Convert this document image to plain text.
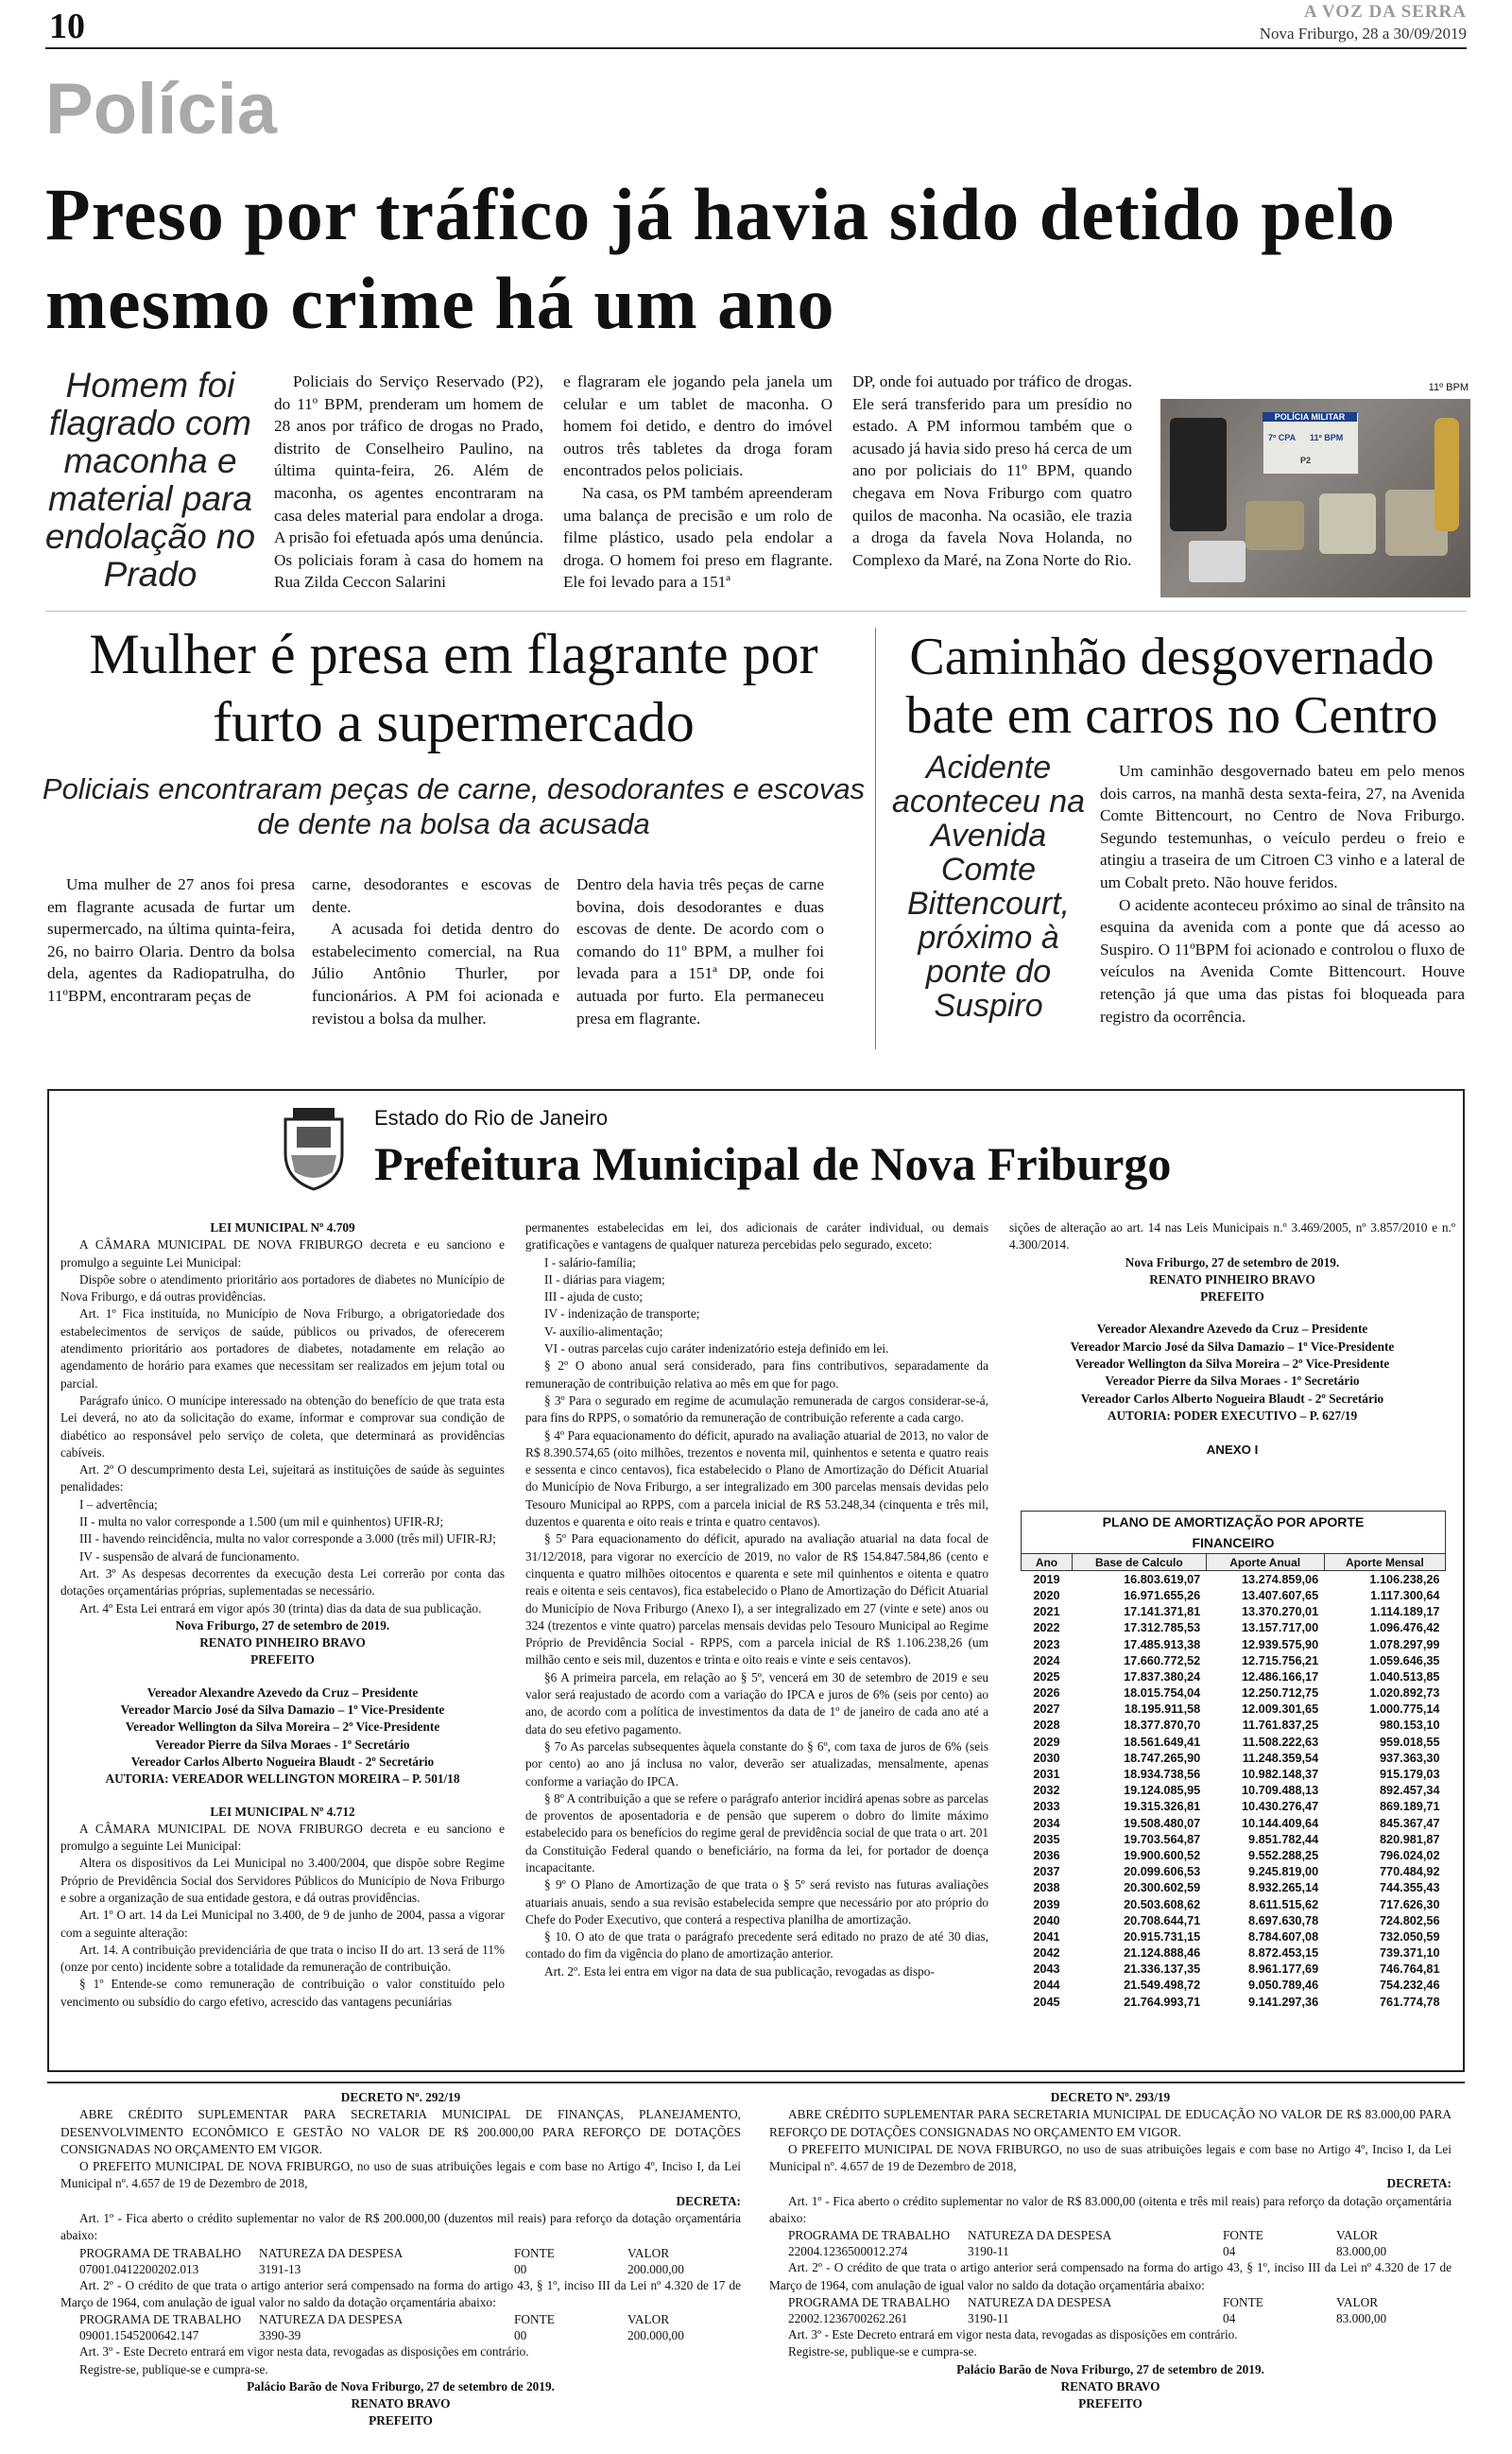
10	A VOZ DA SERRA
Nova Friburgo, 28 a 30/09/2019
Polícia
Preso por tráfico já havia sido detido pelo mesmo crime há um ano
Homem foi flagrado com maconha e material para endolação no Prado

Policiais do Serviço Reservado (P2), do 11º BPM, prenderam um homem de 28 anos por tráfico de drogas no Prado, distrito de Conselheiro Paulino, na última quinta-feira, 26. Além de maconha, os agentes encontraram na casa deles material para endolar a droga. A prisão foi efetuada após uma denúncia. Os policiais foram à casa do homem na Rua Zilda Ceccon Salarini

e flagraram ele jogando pela janela um celular e um tablet de maconha. O homem foi detido, e dentro do imóvel outros três tabletes da droga foram encontrados pelos policiais.

Na casa, os PM também apreenderam uma balança de precisão e um rolo de filme plástico, usado pela endolar a droga. O homem foi preso em flagrante. Ele foi levado para a 151ª

DP, onde foi autuado por tráfico de drogas. Ele será transferido para um presídio no estado. A PM informou também que o acusado já havia sido preso há cerca de um ano por policiais do 11º BPM, quando chegava em Nova Friburgo com quatro quilos de maconha. Na ocasião, ele trazia a droga da favela Nova Holanda, no Complexo da Maré, na Zona Norte do Rio.

11º BPM
POLÍCIA MILITAR
7º CPA 11º BPM
P2
Mulher é presa em flagrante por furto a supermercado
Policiais encontraram peças de carne, desodorantes e escovas de dente na bolsa da acusada

Uma mulher de 27 anos foi presa em flagrante acusada de furtar um supermercado, na última quinta-feira, 26, no bairro Olaria. Dentro da bolsa dela, agentes da Radiopatrulha, do 11ºBPM, encontraram peças de

carne, desodorantes e escovas de dente.

A acusada foi detida dentro do estabelecimento comercial, na Rua Júlio Antônio Thurler, por funcionários. A PM foi acionada e revistou a bolsa da mulher.

Dentro dela havia três peças de carne bovina, dois desodorantes e duas escovas de dente. De acordo com o comando do 11º BPM, a mulher foi levada para a 151ª DP, onde foi autuada por furto. Ela permaneceu presa em flagrante.

Caminhão desgovernado bate em carros no Centro
Acidente aconteceu na Avenida Comte Bittencourt, próximo à ponte do Suspiro

Um caminhão desgovernado bateu em pelo menos dois carros, na manhã desta sexta-feira, 27, na Avenida Comte Bittencourt, no Centro de Nova Friburgo. Segundo testemunhas, o veículo perdeu o freio e atingiu a traseira de um Citroen C3 vinho e a lateral de um Cobalt preto. Não houve feridos.

O acidente aconteceu próximo ao sinal de trânsito na esquina da avenida com a ponte que dá acesso ao Suspiro. O 11ºBPM foi acionado e controlou o fluxo de veículos na Avenida Comte Bittencourt. Houve retenção já que uma das pistas foi bloqueada para registro da ocorrência.

Estado do Rio de Janeiro
Prefeitura Municipal de Nova Friburgo

LEI MUNICIPAL Nº 4.709

A CÂMARA MUNICIPAL DE NOVA FRIBURGO decreta e eu sanciono e promulgo a seguinte Lei Municipal:

Dispõe sobre o atendimento prioritário aos portadores de diabetes no Município de Nova Friburgo, e dá outras providências.

Art. 1º Fica instituída, no Município de Nova Friburgo, a obrigatoriedade dos estabelecimentos de serviços de saúde, públicos ou privados, de oferecerem atendimento prioritário aos portadores de diabetes, notadamente em relação ao agendamento de horário para exames que necessitam ser realizados em jejum total ou parcial.

Parágrafo único. O munícipe interessado na obtenção do benefício de que trata esta Lei deverá, no ato da solicitação do exame, informar e comprovar sua condição de diabético ao responsável pelo serviço de coleta, que determinará as providências cabíveis.

Art. 2º O descumprimento desta Lei, sujeitará as instituições de saúde às seguintes penalidades:

I – advertência;

II - multa no valor corresponde a 1.500 (um mil e quinhentos) UFIR-RJ;

III - havendo reincidência, multa no valor corresponde a 3.000 (três mil) UFIR-RJ;

IV - suspensão de alvará de funcionamento.

Art. 3º As despesas decorrentes da execução desta Lei correrão por conta das dotações orçamentárias próprias, suplementadas se necessário.

Art. 4º Esta Lei entrará em vigor após 30 (trinta) dias da data de sua publicação.

Nova Friburgo, 27 de setembro de 2019.

RENATO PINHEIRO BRAVO

PREFEITO

Vereador Alexandre Azevedo da Cruz – Presidente

Vereador Marcio José da Silva Damazio – 1º Vice-Presidente

Vereador Wellington da Silva Moreira – 2º Vice-Presidente

Vereador Pierre da Silva Moraes - 1º Secretário

Vereador Carlos Alberto Nogueira Blaudt - 2º Secretário

AUTORIA: VEREADOR WELLINGTON MOREIRA – P. 501/18

LEI MUNICIPAL Nº 4.712

A CÂMARA MUNICIPAL DE NOVA FRIBURGO decreta e eu sanciono e promulgo a seguinte Lei Municipal:

Altera os dispositivos da Lei Municipal no 3.400/2004, que dispõe sobre Regime Próprio de Previdência Social dos Servidores Públicos do Município de Nova Friburgo e sobre a organização de sua entidade gestora, e dá outras providências.

Art. 1º O art. 14 da Lei Municipal no 3.400, de 9 de junho de 2004, passa a vigorar com a seguinte alteração:

Art. 14. A contribuição previdenciária de que trata o inciso II do art. 13 será de 11% (onze por cento) incidente sobre a totalidade da remuneração de contribuição.

§ 1º Entende-se como remuneração de contribuição o valor constituído pelo vencimento ou subsídio do cargo efetivo, acrescido das vantagens pecuniárias

permanentes estabelecidas em lei, dos adicionais de caráter individual, ou demais gratificações e vantagens de qualquer natureza percebidas pelo segurado, exceto:

I - salário-família;

II - diárias para viagem;

III - ajuda de custo;

IV - indenização de transporte;

V- auxílio-alimentação;

VI - outras parcelas cujo caráter indenizatório esteja definido em lei.

§ 2º O abono anual será considerado, para fins contributivos, separadamente da remuneração de contribuição relativa ao mês em que for pago.

§ 3º Para o segurado em regime de acumulação remunerada de cargos considerar-se-á, para fins do RPPS, o somatório da remuneração de contribuição referente a cada cargo.

§ 4º Para equacionamento do déficit, apurado na avaliação atuarial de 2013, no valor de R$ 8.390.574,65 (oito milhões, trezentos e noventa mil, quinhentos e setenta e quatro reais e sessenta e cinco centavos), fica estabelecido o Plano de Amortização do Déficit Atuarial do Município de Nova Friburgo, a ser integralizado em 300 parcelas mensais devidas pelo Tesouro Municipal ao RPPS, com a parcela inicial de R$ 53.248,34 (cinquenta e três mil, duzentos e quarenta e oito reais e trinta e quatro centavos).

§ 5º Para equacionamento do déficit, apurado na avaliação atuarial na data focal de 31/12/2018, para vigorar no exercício de 2019, no valor de R$ 154.847.584,86 (cento e cinquenta e quatro milhões oitocentos e quarenta e sete mil quinhentos e oitenta e quatro reais e oitenta e seis centavos), fica estabelecido o Plano de Amortização do Déficit Atuarial do Município de Nova Friburgo (Anexo I), a ser integralizado em 27 (vinte e sete) anos ou 324 (trezentos e vinte quatro) parcelas mensais devidas pelo Tesouro Municipal ao Regime Próprio de Previdência Social - RPPS, com a parcela inicial de R$ 1.106.238,26 (um milhão cento e seis mil, duzentos e trinta e oito reais e vinte e seis centavos).

§6 A primeira parcela, em relação ao § 5º, vencerá em 30 de setembro de 2019 e seu valor será reajustado de acordo com a variação do IPCA e juros de 6% (seis por cento) ao ano, de acordo com a política de investimentos da data de 1º de janeiro de cada ano até a data do seu efetivo pagamento.

§ 7o As parcelas subsequentes àquela constante do § 6º, com taxa de juros de 6% (seis por cento) ao ano já inclusa no valor, deverão ser atualizadas, mensalmente, apenas conforme a variação do IPCA.

§ 8º A contribuição a que se refere o parágrafo anterior incidirá apenas sobre as parcelas de proventos de aposentadoria e de pensão que superem o dobro do limite máximo estabelecido para os benefícios do regime geral de previdência social de que trata o art. 201 da Constituição Federal quando o beneficiário, na forma da lei, for portador de doença incapacitante.

§ 9º O Plano de Amortização de que trata o § 5º será revisto nas futuras avaliações atuariais anuais, sendo a sua revisão estabelecida sempre que necessário por ato próprio do Chefe do Poder Executivo, que conterá a respectiva planilha de amortização.

§ 10. O ato de que trata o parágrafo precedente será editado no prazo de até 30 dias, contado do fim da vigência do plano de amortização anterior.

Art. 2º. Esta lei entra em vigor na data de sua publicação, revogadas as dispo-

sições de alteração ao art. 14 nas Leis Municipais n.º 3.469/2005, nº 3.857/2010 e n.º 4.300/2014.

Nova Friburgo, 27 de setembro de 2019.

RENATO PINHEIRO BRAVO

PREFEITO

Vereador Alexandre Azevedo da Cruz – Presidente

Vereador Marcio José da Silva Damazio – 1º Vice-Presidente

Vereador Wellington da Silva Moreira – 2º Vice-Presidente

Vereador Pierre da Silva Moraes - 1º Secretário

Vereador Carlos Alberto Nogueira Blaudt - 2º Secretário

AUTORIA: PODER EXECUTIVO – P. 627/19

ANEXO I

PLANO DE AMORTIZAÇÃO POR APORTE FINANCEIRO
Ano	Base de Calculo	Aporte Anual	Aporte Mensal
2019	16.803.619,07	13.274.859,06	1.106.238,26
2020	16.971.655,26	13.407.607,65	1.117.300,64
2021	17.141.371,81	13.370.270,01	1.114.189,17
2022	17.312.785,53	13.157.717,00	1.096.476,42
2023	17.485.913,38	12.939.575,90	1.078.297,99
2024	17.660.772,52	12.715.756,21	1.059.646,35
2025	17.837.380,24	12.486.166,17	1.040.513,85
2026	18.015.754,04	12.250.712,75	1.020.892,73
2027	18.195.911,58	12.009.301,65	1.000.775,14
2028	18.377.870,70	11.761.837,25	980.153,10
2029	18.561.649,41	11.508.222,63	959.018,55
2030	18.747.265,90	11.248.359,54	937.363,30
2031	18.934.738,56	10.982.148,37	915.179,03
2032	19.124.085,95	10.709.488,13	892.457,34
2033	19.315.326,81	10.430.276,47	869.189,71
2034	19.508.480,07	10.144.409,64	845.367,47
2035	19.703.564,87	9.851.782,44	820.981,87
2036	19.900.600,52	9.552.288,25	796.024,02
2037	20.099.606,53	9.245.819,00	770.484,92
2038	20.300.602,59	8.932.265,14	744.355,43
2039	20.503.608,62	8.611.515,62	717.626,30
2040	20.708.644,71	8.697.630,78	724.802,56
2041	20.915.731,15	8.784.607,08	732.050,59
2042	21.124.888,46	8.872.453,15	739.371,10
2043	21.336.137,35	8.961.177,69	746.764,81
2044	21.549.498,72	9.050.789,46	754.232,46
2045	21.764.993,71	9.141.297,36	761.774,78

DECRETO Nº. 292/19

ABRE CRÉDITO SUPLEMENTAR PARA SECRETARIA MUNICIPAL DE FINANÇAS, PLANEJAMENTO, DESENVOLVIMENTO ECONÔMICO E GESTÃO NO VALOR DE R$ 200.000,00 PARA REFORÇO DE DOTAÇÕES CONSIGNADAS NO ORÇAMENTO EM VIGOR.

O PREFEITO MUNICIPAL DE NOVA FRIBURGO, no uso de suas atribuições legais e com base no Artigo 4º, Inciso I, da Lei Municipal nº. 4.657 de 19 de Dezembro de 2018,

DECRETA:

Art. 1º - Fica aberto o crédito suplementar no valor de R$ 200.000,00 (duzentos mil reais) para reforço da dotação orçamentária abaixo:

PROGRAMA DE TRABALHO	NATUREZA DA DESPESA	FONTE	VALOR
07001.0412200202.013	3191-13	00	200.000,00

Art. 2º - O crédito de que trata o artigo anterior será compensado na forma do artigo 43, § 1º, inciso III da Lei nº 4.320 de 17 de Março de 1964, com anulação de igual valor no saldo da dotação orçamentária abaixo:

PROGRAMA DE TRABALHO	NATUREZA DA DESPESA	FONTE	VALOR
09001.1545200642.147	3390-39	00	200.000,00

Art. 3º - Este Decreto entrará em vigor nesta data, revogadas as disposições em contrário.

Registre-se, publique-se e cumpra-se.

Palácio Barão de Nova Friburgo, 27 de setembro de 2019.

RENATO BRAVO

PREFEITO

DECRETO Nº. 293/19

ABRE CRÉDITO SUPLEMENTAR PARA SECRETARIA MUNICIPAL DE EDUCAÇÃO NO VALOR DE R$ 83.000,00 PARA REFORÇO DE DOTAÇÕES CONSIGNADAS NO ORÇAMENTO EM VIGOR.

O PREFEITO MUNICIPAL DE NOVA FRIBURGO, no uso de suas atribuições legais e com base no Artigo 4º, Inciso I, da Lei Municipal nº. 4.657 de 19 de Dezembro de 2018,

DECRETA:

Art. 1º - Fica aberto o crédito suplementar no valor de R$ 83.000,00 (oitenta e três mil reais) para reforço da dotação orçamentária abaixo:

PROGRAMA DE TRABALHO	NATUREZA DA DESPESA	FONTE	VALOR
22004.1236500012.274	3190-11	04	83.000,00

Art. 2º - O crédito de que trata o artigo anterior será compensado na forma do artigo 43, § 1º, inciso III da Lei nº 4.320 de 17 de Março de 1964, com anulação de igual valor no saldo da dotação orçamentária abaixo:

PROGRAMA DE TRABALHO	NATUREZA DA DESPESA	FONTE	VALOR
22002.1236700262.261	3190-11	04	83.000,00

Art. 3º - Este Decreto entrará em vigor nesta data, revogadas as disposições em contrário.

Registre-se, publique-se e cumpra-se.

Palácio Barão de Nova Friburgo, 27 de setembro de 2019.

RENATO BRAVO

PREFEITO
